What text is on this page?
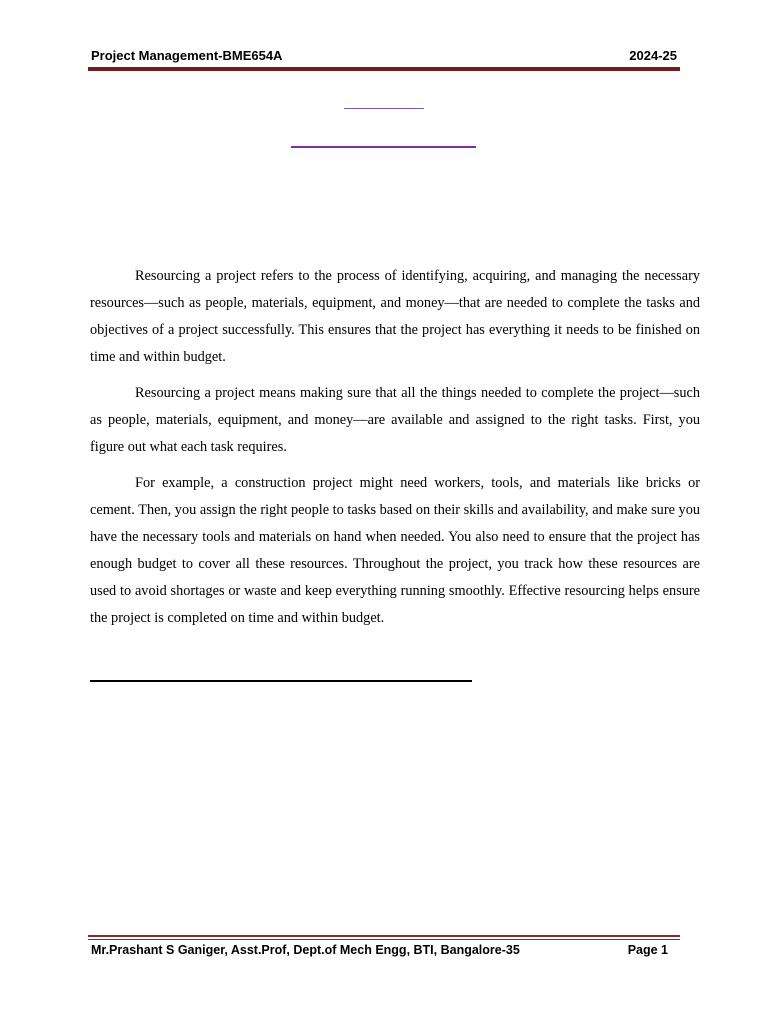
Project Management-BME654A	2024-25

Resourcing a project refers to the process of identifying, acquiring, and managing the necessary resources—such as people, materials, equipment, and money—that are needed to complete the tasks and objectives of a project successfully. This ensures that the project has everything it needs to be finished on time and within budget.

Resourcing a project means making sure that all the things needed to complete the project—such as people, materials, equipment, and money—are available and assigned to the right tasks. First, you figure out what each task requires.

For example, a construction project might need workers, tools, and materials like bricks or cement. Then, you assign the right people to tasks based on their skills and availability, and make sure you have the necessary tools and materials on hand when needed. You also need to ensure that the project has enough budget to cover all these resources. Throughout the project, you track how these resources are used to avoid shortages or waste and keep everything running smoothly. Effective resourcing helps ensure the project is completed on time and within budget.

Mr.Prashant S Ganiger, Asst.Prof, Dept.of Mech Engg, BTI, Bangalore-35	Page 1
